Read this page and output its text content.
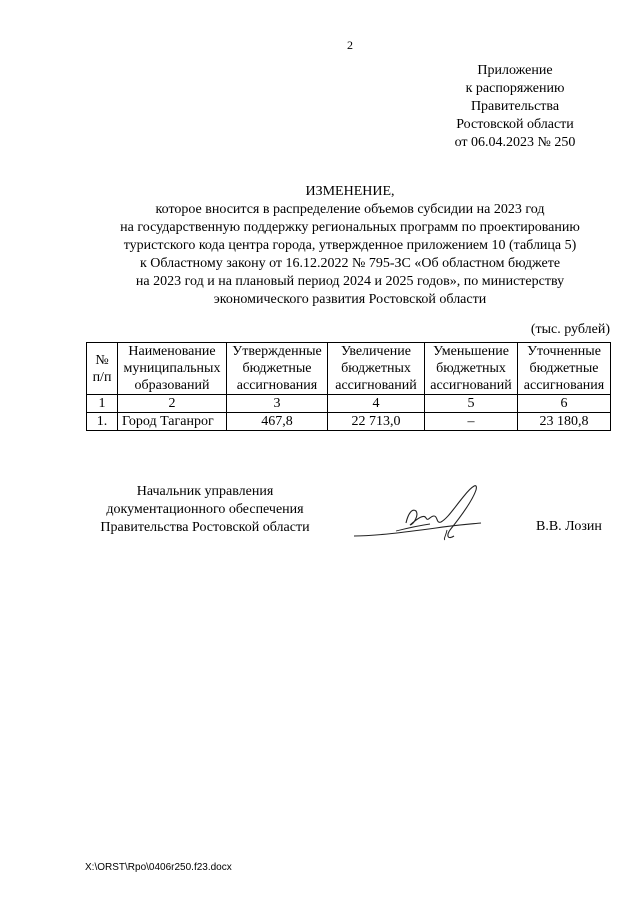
2
Приложение
к распоряжению
Правительства
Ростовской области
от 06.04.2023 № 250
ИЗМЕНЕНИЕ,
которое вносится в распределение объемов субсидии на 2023 год
на государственную поддержку региональных программ по проектированию
туристского кода центра города, утвержденное приложением 10 (таблица 5)
к Областному закону от 16.12.2022 № 795-ЗС «Об областном бюджете
на 2023 год и на плановый период 2024 и 2025 годов», по министерству
экономического развития Ростовской области
(тыс. рублей)
№ п/п	Наименование муниципальных образований	Утвержденные бюджетные ассигнования	Увеличение бюджетных ассигнований	Уменьшение бюджетных ассигнований	Уточненные бюджетные ассигнования
1	2	3	4	5	6
1.	Город Таганрог	467,8	22 713,0	–	23 180,8
Начальник управления
документационного обеспечения
Правительства Ростовской области	В.В. Лозин
X:\ORST\Rpo\0406r250.f23.docx
